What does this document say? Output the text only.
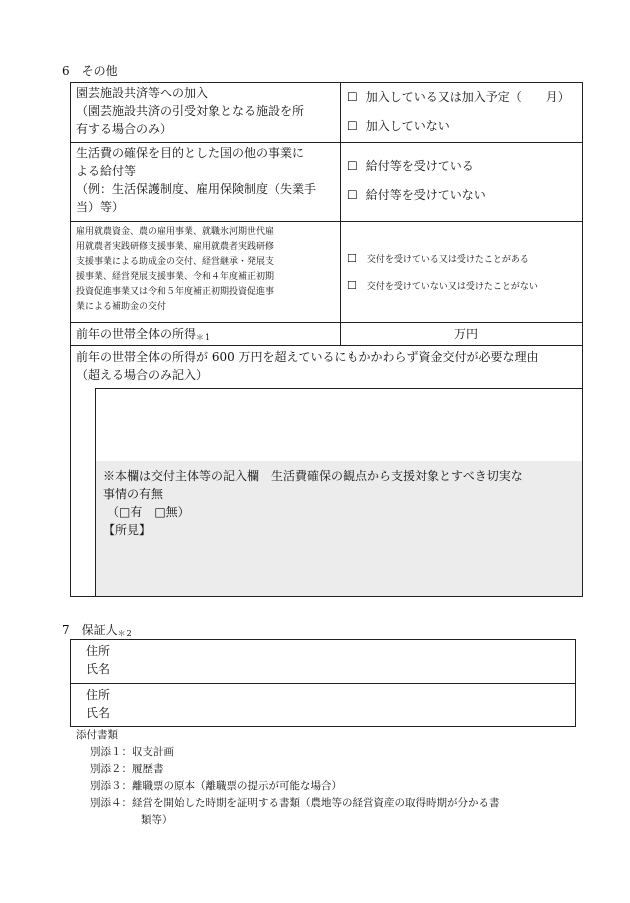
6　その他
園芸施設共済等への加入
（園芸施設共済の引受対象となる施設を所
有する場合のみ）
☐ 加入している又は加入予定（　　月）
☐ 加入していない
生活費の確保を目的とした国の他の事業に
よる給付等
（例：生活保護制度、雇用保険制度（失業手
当）等）
☐ 給付等を受けている
☐ 給付等を受けていない
雇用就農資金、農の雇用事業、就職氷河期世代雇
用就農者実践研修支援事業、雇用就農者実践研修
支援事業による助成金の交付、経営継承・発展支
援事業、経営発展支援事業、令和４年度補正初期
投資促進事業又は令和５年度補正初期投資促進事
業による補助金の交付
☐ 交付を受けている又は受けたことがある
☐ 交付を受けていない又は受けたことがない
前年の世帯全体の所得$_{*1}$	万円
前年の世帯全体の所得が 600 万円を超えているにもかかわらず資金交付が必要な理由
（超える場合のみ記入）
※本欄は交付主体等の記入欄　生活費確保の観点から支援対象とすべき切実な
事情の有無
（□有　□無）
【所見】
7　保証人$_{*2}$
住所
氏名
住所
氏名
添付書類
別添１：収支計画
別添２：履歴書
別添３：離職票の原本（離職票の提示が可能な場合）
別添４：経営を開始した時期を証明する書類（農地等の経営資産の取得時期が分かる書
類等）
